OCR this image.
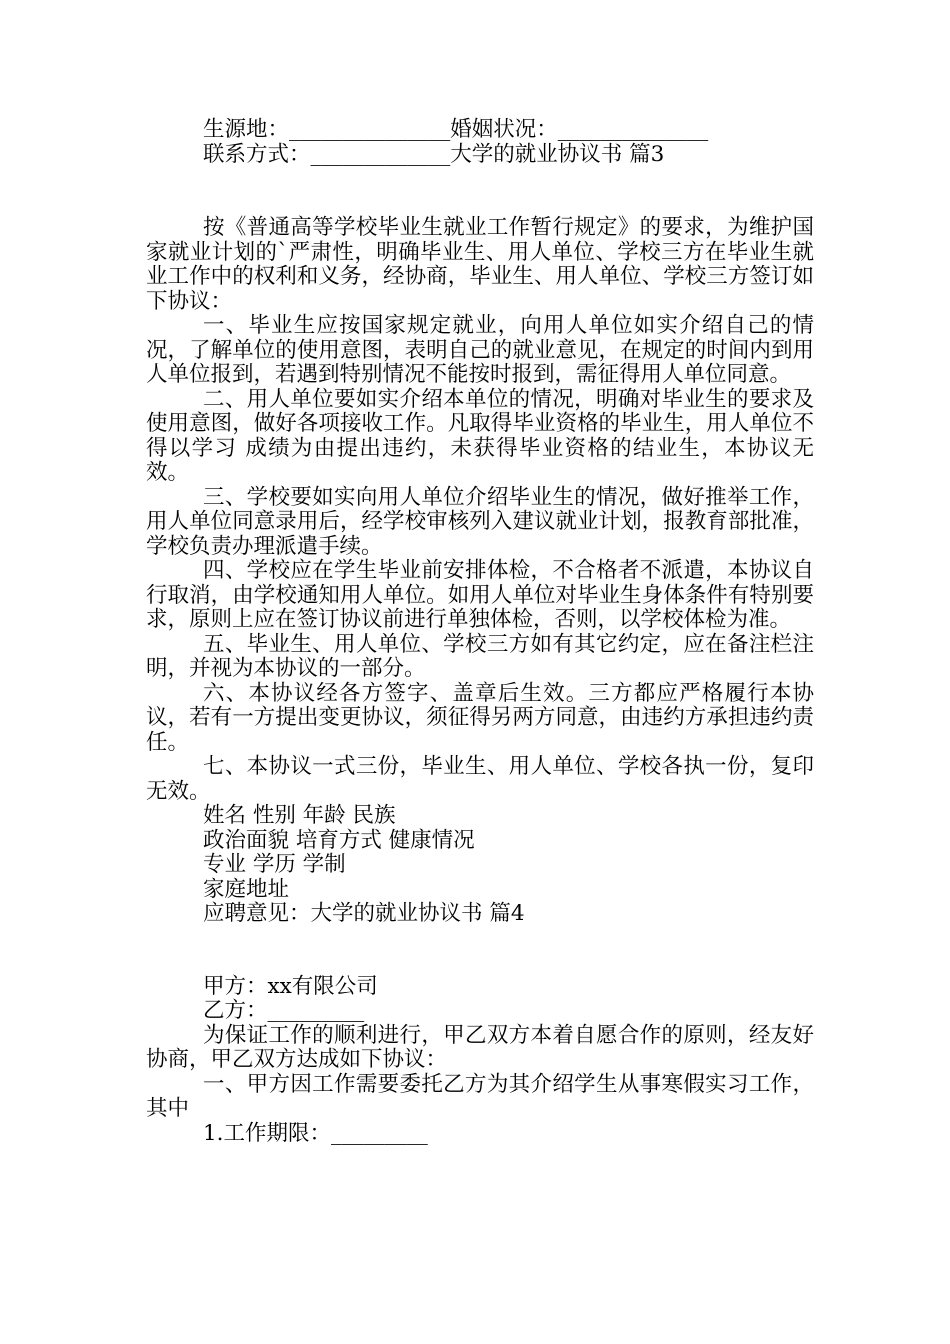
生源地：_______________婚姻状况：______________
联系方式：_____________大学的就业协议书 篇3

按《普通高等学校毕业生就业工作暂行规定》的要求，为维护国家就业计划的`严肃性，明确毕业生、用人单位、学校三方在毕业生就业工作中的权利和义务，经协商，毕业生、用人单位、学校三方签订如下协议：

一、毕业生应按国家规定就业，向用人单位如实介绍自己的情况，了解单位的使用意图，表明自己的就业意见，在规定的时间内到用人单位报到，若遇到特别情况不能按时报到，需征得用人单位同意。

二、用人单位要如实介绍本单位的情况，明确对毕业生的要求及使用意图，做好各项接收工作。凡取得毕业资格的毕业生，用人单位不得以学习 成绩为由提出违约，未获得毕业资格的结业生，本协议无效。

三、学校要如实向用人单位介绍毕业生的情况，做好推举工作，用人单位同意录用后，经学校审核列入建议就业计划，报教育部批准，学校负责办理派遣手续。

四、学校应在学生毕业前安排体检，不合格者不派遣，本协议自行取消，由学校通知用人单位。如用人单位对毕业生身体条件有特别要求，原则上应在签订协议前进行单独体检，否则，以学校体检为准。

五、毕业生、用人单位、学校三方如有其它约定，应在备注栏注明，并视为本协议的一部分。

六、本协议经各方签字、盖章后生效。三方都应严格履行本协议，若有一方提出变更协议，须征得另两方同意，由违约方承担违约责任。

七、本协议一式三份，毕业生、用人单位、学校各执一份，复印无效。

姓名 性别 年龄 民族
政治面貌 培育方式 健康情况
专业 学历 学制
家庭地址
应聘意见：大学的就业协议书 篇4
甲方：xx有限公司
乙方：_________

为保证工作的顺利进行，甲乙双方本着自愿合作的原则，经友好协商，甲乙双方达成如下协议：

一、甲方因工作需要委托乙方为其介绍学生从事寒假实习工作，其中

1.工作期限：_________
